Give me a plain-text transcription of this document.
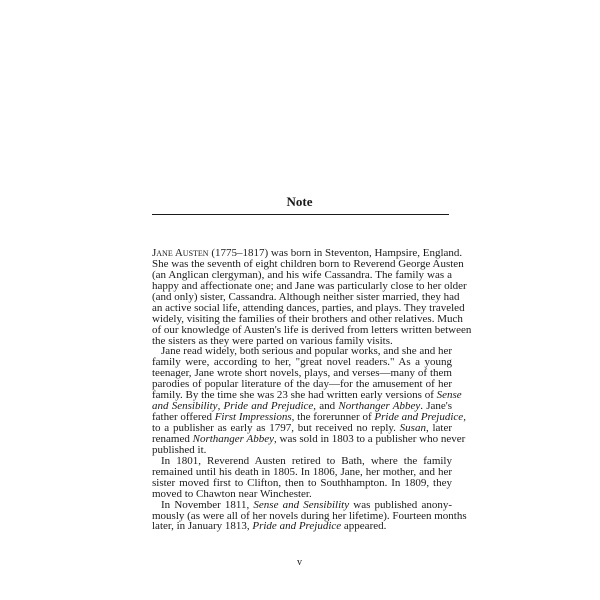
Note
Jane Austen (1775–1817) was born in Steventon, Hampsire, England.
She was the seventh of eight children born to Reverend George Austen
(an Anglican clergyman), and his wife Cassandra. The family was a
happy and affectionate one; and Jane was particularly close to her older
(and only) sister, Cassandra. Although neither sister married, they had
an active social life, attending dances, parties, and plays. They traveled
widely, visiting the families of their brothers and other relatives. Much
of our knowledge of Austen's life is derived from letters written between
the sisters as they were parted on various family visits.
Jane read widely, both serious and popular works, and she and her
family were, according to her, "great novel readers." As a young
teenager, Jane wrote short novels, plays, and verses—many of them
parodies of popular literature of the day—for the amusement of her
family. By the time she was 23 she had written early versions of Sense
and Sensibility, Pride and Prejudice, and Northanger Abbey. Jane's
father offered First Impressions, the forerunner of Pride and Prejudice,
to a publisher as early as 1797, but received no reply. Susan, later
renamed Northanger Abbey, was sold in 1803 to a publisher who never
published it.
In 1801, Reverend Austen retired to Bath, where the family
remained until his death in 1805. In 1806, Jane, her mother, and her
sister moved first to Clifton, then to Southhampton. In 1809, they
moved to Chawton near Winchester.
In November 1811, Sense and Sensibility was published anony-
mously (as were all of her novels during her lifetime). Fourteen months
later, in January 1813, Pride and Prejudice appeared.
v
